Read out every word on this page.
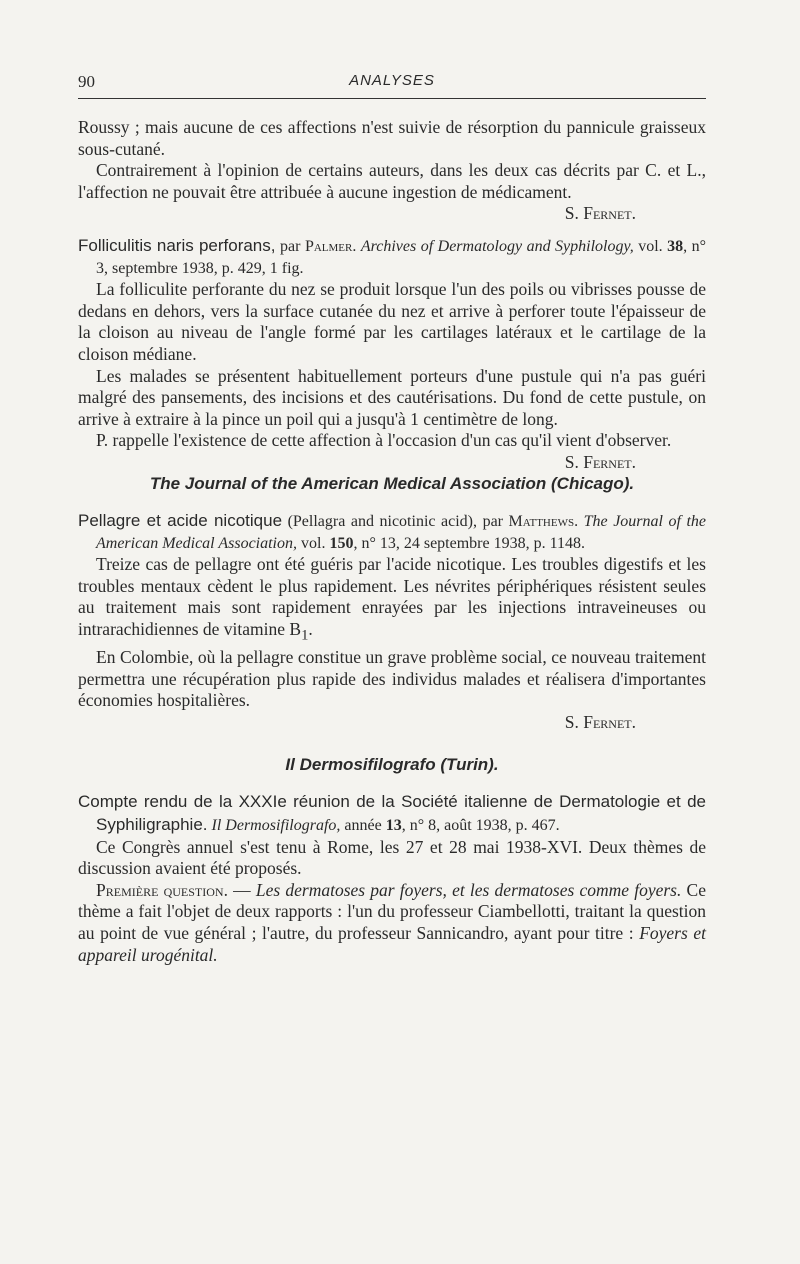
90	ANALYSES

Roussy ; mais aucune de ces affections n'est suivie de résorption du pannicule graisseux sous-cutané.

Contrairement à l'opinion de certains auteurs, dans les deux cas décrits par C. et L., l'affection ne pouvait être attribuée à aucune ingestion de médicament.
S. Fernet.

Folliculitis naris perforans, par Palmer. Archives of Dermatology and Syphilology, vol. 38, n° 3, septembre 1938, p. 429, 1 fig.

La folliculite perforante du nez se produit lorsque l'un des poils ou vibrisses pousse de dedans en dehors, vers la surface cutanée du nez et arrive à perforer toute l'épaisseur de la cloison au niveau de l'angle formé par les cartilages latéraux et le cartilage de la cloison médiane.

Les malades se présentent habituellement porteurs d'une pustule qui n'a pas guéri malgré des pansements, des incisions et des cautérisations. Du fond de cette pustule, on arrive à extraire à la pince un poil qui a jusqu'à 1 centimètre de long.

P. rappelle l'existence de cette affection à l'occasion d'un cas qu'il vient d'observer.
S. Fernet.

The Journal of the American Medical Association (Chicago).

Pellagre et acide nicotique (Pellagra and nicotinic acid), par Matthews. The Journal of the American Medical Association, vol. 150, n° 13, 24 septembre 1938, p. 1148.

Treize cas de pellagre ont été guéris par l'acide nicotique. Les troubles digestifs et les troubles mentaux cèdent le plus rapidement. Les névrites périphériques résistent seules au traitement mais sont rapidement enrayées par les injections intraveineuses ou intrarachidiennes de vitamine $B_1$.

En Colombie, où la pellagre constitue un grave problème social, ce nouveau traitement permettra une récupération plus rapide des individus malades et réalisera d'importantes économies hospitalières.

S. Fernet.

Il Dermosifilografo (Turin).

Compte rendu de la XXXIe réunion de la Société italienne de Dermatologie et de Syphiligraphie. Il Dermosifilografo, année 13, n° 8, août 1938, p. 467.

Ce Congrès annuel s'est tenu à Rome, les 27 et 28 mai 1938-XVI. Deux thèmes de discussion avaient été proposés.

Première question. — Les dermatoses par foyers, et les dermatoses comme foyers. Ce thème a fait l'objet de deux rapports : l'un du professeur Ciambellotti, traitant la question au point de vue général ; l'autre, du professeur Sannicandro, ayant pour titre : Foyers et appareil urogénital.
